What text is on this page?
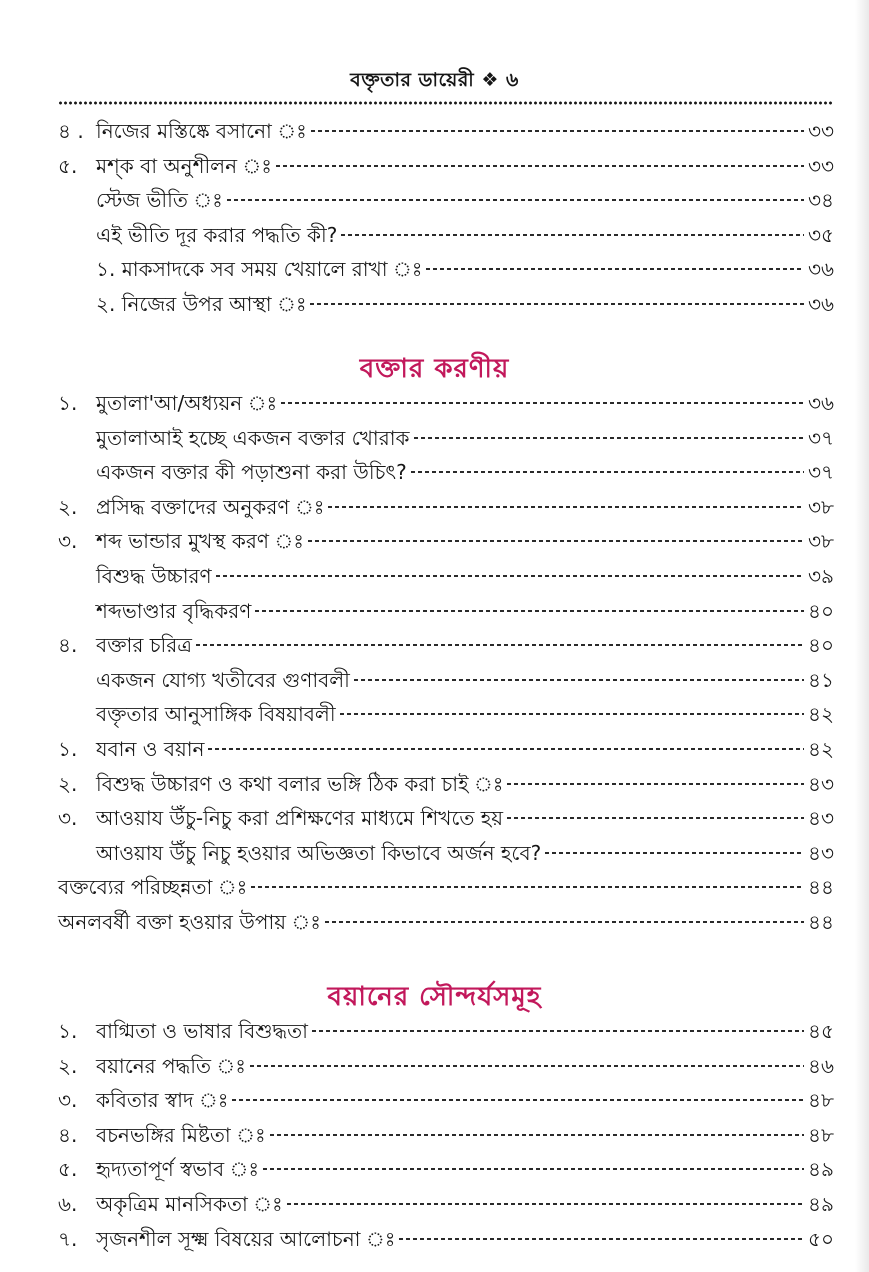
বক্তৃতার ডায়েরী ❖ ৬
৪ . নিজের মস্তিষ্কে বসানো ঃ	৩৩
৫. মশ্‌ক বা অনুশীলন ঃ	৩৩
স্টেজ ভীতি ঃ	৩৪
এই ভীতি দূর করার পদ্ধতি কী?	৩৫
১. মাকসাদকে সব সময় খেয়ালে রাখা ঃ	৩৬
২. নিজের উপর আস্থা ঃ	৩৬
বক্তার করণীয়
১. মুতালা'আ/অধ্যয়ন ঃ	৩৬
মুতালাআই হচ্ছে একজন বক্তার খোরাক	৩৭
একজন বক্তার কী পড়াশুনা করা উচিৎ?	৩৭
২. প্রসিদ্ধ বক্তাদের অনুকরণ ঃ	৩৮
৩. শব্দ ভান্ডার মুখস্থ করণ ঃ	৩৮
বিশুদ্ধ উচ্চারণ	৩৯
শব্দভাণ্ডার বৃদ্ধিকরণ	৪০
৪. বক্তার চরিত্র	৪০
একজন যোগ্য খতীবের গুণাবলী	৪১
বক্তৃতার আনুসাঙ্গিক বিষয়াবলী	৪২
১. যবান ও বয়ান	৪২
২. বিশুদ্ধ উচ্চারণ ও কথা বলার ভঙ্গি ঠিক করা চাই ঃ	৪৩
৩. আওয়ায উঁচু-নিচু করা প্রশিক্ষণের মাধ্যমে শিখতে হয়	৪৩
আওয়ায উঁচু নিচু হওয়ার অভিজ্ঞতা কিভাবে অর্জন হবে?	৪৩
বক্তব্যের পরিচ্ছন্নতা ঃ	৪৪
অনলবর্ষী বক্তা হওয়ার উপায় ঃ	৪৪
বয়ানের সৌন্দর্যসমূহ
১. বাগ্মিতা ও ভাষার বিশুদ্ধতা	৪৫
২. বয়ানের পদ্ধতি ঃ	৪৬
৩. কবিতার স্বাদ ঃ	৪৮
৪. বচনভঙ্গির মিষ্টতা ঃ	৪৮
৫. হৃদ্যতাপূর্ণ স্বভাব ঃ	৪৯
৬. অকৃত্রিম মানসিকতা ঃ	৪৯
৭. সৃজনশীল সূক্ষ্ম বিষয়ের আলোচনা ঃ	৫০
